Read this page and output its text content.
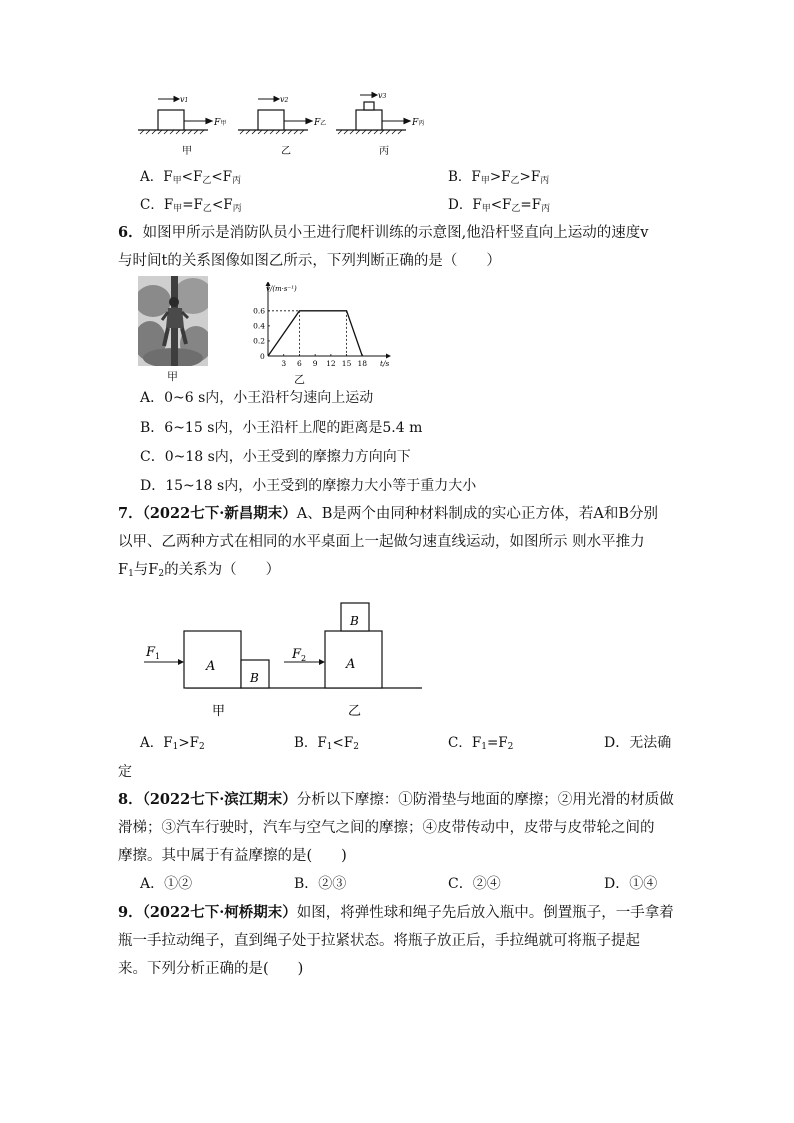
v1	v2
v3
F甲	F乙	F丙
甲	乙	丙
A．$F_甲<F_乙<F_丙$	B．$F_甲>F_乙>F_丙$
C．$F_甲=F_乙<F_丙$	D．$F_甲<F_乙=F_丙$
6．如图甲所示是消防队员小王进行爬杆训练的示意图,他沿杆竖直向上运动的速度v
与时间t的关系图像如图乙所示，下列判断正确的是（　　）
甲
v/(m·s⁻¹)
t/s
0
3 6 9 12 15 18
0.2
0.4
0.6
乙
A．0~6 s内，小王沿杆匀速向上运动
B．6~15 s内，小王沿杆上爬的距离是5.4 m
C．0~18 s内，小王受到的摩擦力方向向下
D．15~18 s内，小王受到的摩擦力大小等于重力大小
7．（2022七下·新昌期末）A、B是两个由同种材料制成的实心正方体，若A和B分别
以甲、乙两种方式在相同的水平桌面上一起做匀速直线运动，如图所示 则水平推力
$F_1$与$F_2$的关系为（　　）
$F_1$
A
B
$F_2$	A
B
甲	乙
A．$F_1>F_2$	B．$F_1<F_2$	C．$F_1=F_2$	D．无法确
定
8．（2022七下·滨江期末）分析以下摩擦：①防滑垫与地面的摩擦；②用光滑的材质做
滑梯；③汽车行驶时，汽车与空气之间的摩擦；④皮带传动中，皮带与皮带轮之间的
摩擦。其中属于有益摩擦的是(　　)
A．①②	B．②③	C．②④	D．①④
9．（2022七下·柯桥期末）如图，将弹性球和绳子先后放入瓶中。倒置瓶子，一手拿着
瓶一手拉动绳子，直到绳子处于拉紧状态。将瓶子放正后，手拉绳就可将瓶子提起
来。下列分析正确的是(　　)
